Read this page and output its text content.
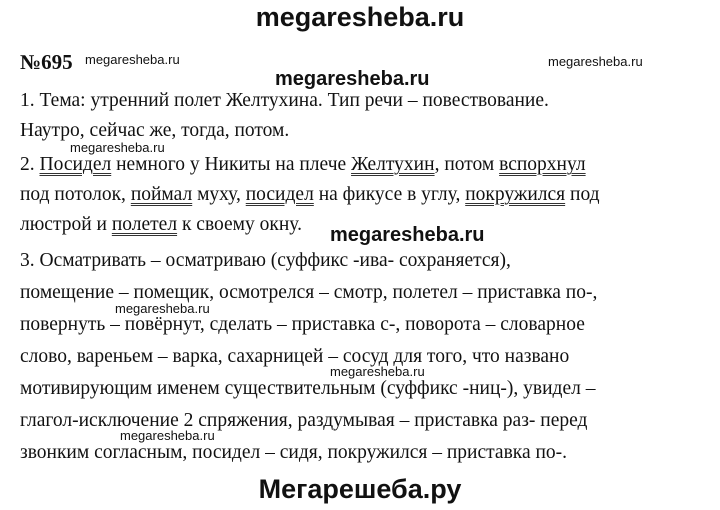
megaresheba.ru
№695 megaresheba.ru	megaresheba.ru
megaresheba.ru
megaresheba.ru
megaresheba.ru
megaresheba.ru
megaresheba.ru
megaresheba.ru
1. Тема: утренний полет Желтухина. Тип речи – повествование.
Наутро, сейчас же, тогда, потом.
2. Посидел немного у Никиты на плече Желтухин, потом вспорхнул
под потолок, поймал муху, посидел на фикусе в углу, покружился под
люстрой и полетел к своему окну.
3. Осматривать – осматриваю (суффикс -ива- сохраняется),
помещение – помещик, осмотрелся – смотр, полетел – приставка по-,
повернуть – повёрнут, сделать – приставка с-, поворота – словарное
слово, вареньем – варка, сахарницей – сосуд для того, что названо
мотивирующим именем существительным (суффикс -ниц-), увидел –
глагол-исключение 2 спряжения, раздумывая – приставка раз- перед
звонким согласным, посидел – сидя, покружился – приставка по-.
Мегарешеба.ру
